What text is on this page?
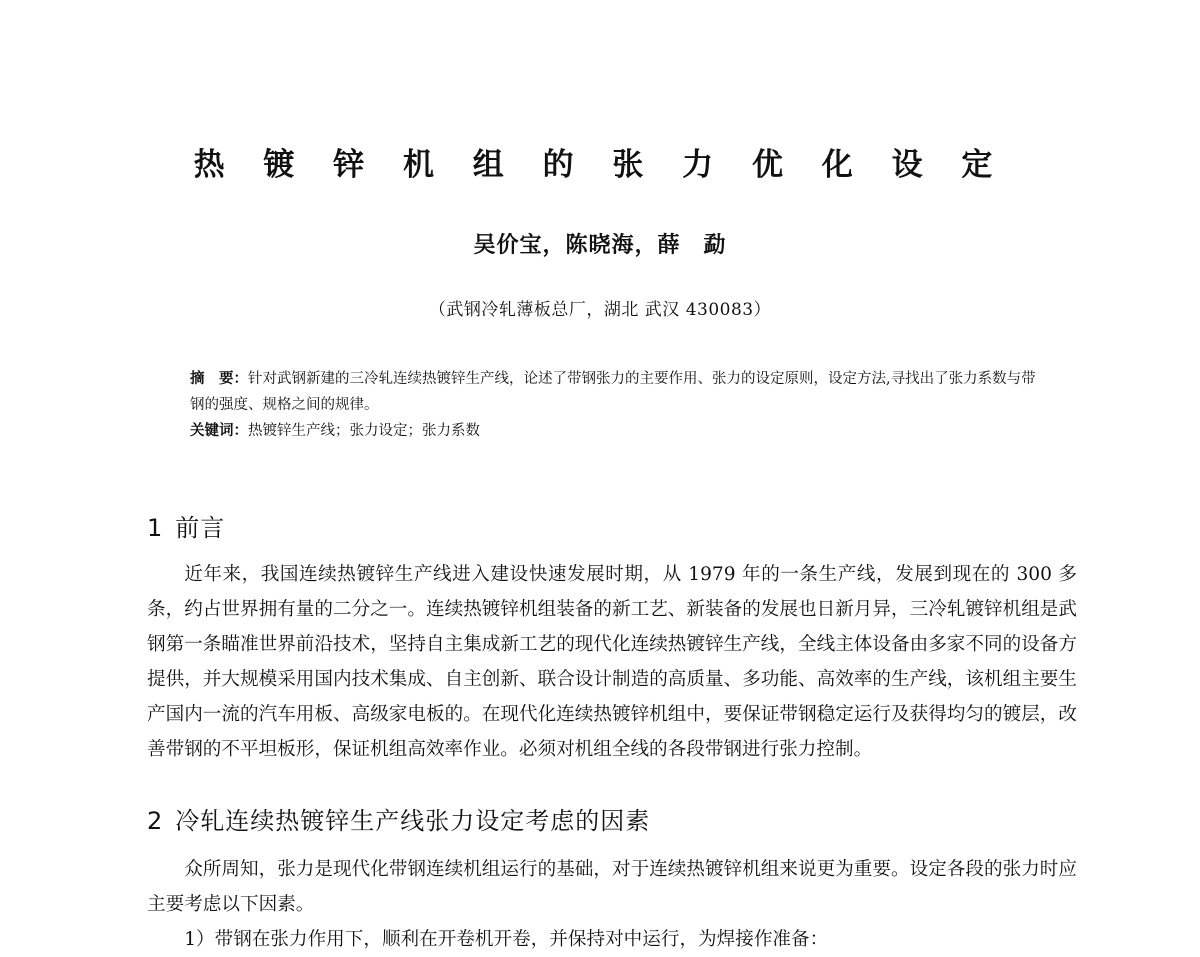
热 镀 锌 机 组 的 张 力 优 化 设 定
吴价宝，陈晓海，薛　勐
（武钢冷轧薄板总厂，湖北 武汉 430083）

摘　要：针对武钢新建的三冷轧连续热镀锌生产线，论述了带钢张力的主要作用、张力的设定原则，设定方法,寻找出了张力系数与带钢的强度、规格之间的规律。

关键词：热镀锌生产线；张力设定；张力系数

1 前言

近年来，我国连续热镀锌生产线进入建设快速发展时期，从 1979 年的一条生产线，发展到现在的 300 多条，约占世界拥有量的二分之一。连续热镀锌机组装备的新工艺、新装备的发展也日新月异，三冷轧镀锌机组是武钢第一条瞄准世界前沿技术，坚持自主集成新工艺的现代化连续热镀锌生产线，全线主体设备由多家不同的设备方提供，并大规模采用国内技术集成、自主创新、联合设计制造的高质量、多功能、高效率的生产线，该机组主要生产国内一流的汽车用板、高级家电板的。在现代化连续热镀锌机组中，要保证带钢稳定运行及获得均匀的镀层，改善带钢的不平坦板形，保证机组高效率作业。必须对机组全线的各段带钢进行张力控制。

2 冷轧连续热镀锌生产线张力设定考虑的因素

众所周知，张力是现代化带钢连续机组运行的基础，对于连续热镀锌机组来说更为重要。设定各段的张力时应主要考虑以下因素。

1）带钢在张力作用下，顺利在开卷机开卷，并保持对中运行，为焊接作准备：
